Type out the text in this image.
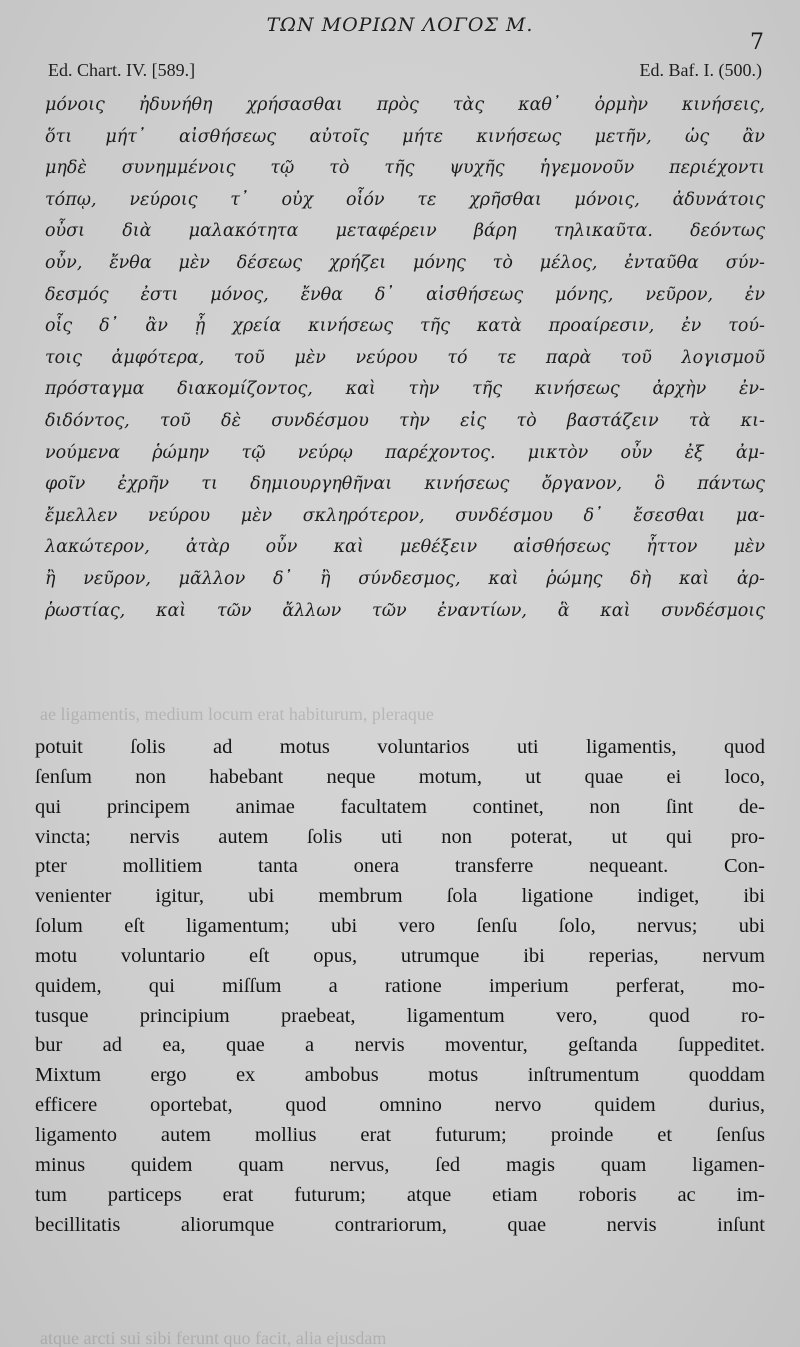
ΤΩΝ ΜΟΡΙΩΝ ΛΟΓΟΣ Μ.
7
Ed. Chart. IV. [589.]	Ed. Baf. I. (500.)
μόνοις ἠδυνήθη χρήσασθαι πρὸς τὰς καθ᾽ ὁρμὴν κινήσεις,
ὅτι μήτ᾽ αἰσθήσεως αὐτοῖς μήτε κινήσεως μετῆν, ὡς ἂν
μηδὲ συνημμένοις τῷ τὸ τῆς ψυχῆς ἡγεμονοῦν περιέχοντι
τόπῳ, νεύροις τ᾽ οὐχ οἷόν τε χρῆσθαι μόνοις, ἀδυνάτοις
οὖσι διὰ μαλακότητα μεταφέρειν βάρη τηλικαῦτα. δεόντως
οὖν, ἔνθα μὲν δέσεως χρήζει μόνης τὸ μέλος, ἐνταῦθα σύν-
δεσμός ἐστι μόνος, ἔνθα δ᾽ αἰσθήσεως μόνης, νεῦρον, ἐν
οἷς δ᾽ ἂν ᾖ χρεία κινήσεως τῆς κατὰ προαίρεσιν, ἐν τού-
τοις ἀμφότερα, τοῦ μὲν νεύρου τό τε παρὰ τοῦ λογισμοῦ
πρόσταγμα διακομίζοντος, καὶ τὴν τῆς κινήσεως ἀρχὴν ἐν-
διδόντος, τοῦ δὲ συνδέσμου τὴν εἰς τὸ βαστάζειν τὰ κι-
νούμενα ῥώμην τῷ νεύρῳ παρέχοντος. μικτὸν οὖν ἐξ ἀμ-
φοῖν ἐχρῆν τι δημιουργηθῆναι κινήσεως ὄργανον, ὃ πάντως
ἔμελλεν νεύρου μὲν σκληρότερον, συνδέσμου δ᾽ ἔσεσθαι μα-
λακώτερον, ἀτὰρ οὖν καὶ μεθέξειν αἰσθήσεως ἧττον μὲν
ἢ νεῦρον, μᾶλλον δ᾽ ἢ σύνδεσμος, καὶ ῥώμης δὴ καὶ ἀρ-
ῥωστίας, καὶ τῶν ἄλλων τῶν ἐναντίων, ἃ καὶ συνδέσμοις
ae ligamentis, medium locum erat habiturum, pleraque
potuit ſolis ad motus voluntarios uti ligamentis, quod
ſenſum non habebant neque motum, ut quae ei loco,
qui principem animae facultatem continet, non ſint de-
vincta; nervis autem ſolis uti non poterat, ut qui pro-
pter	mollitiem	tanta	onera	transferre	nequeant.	Con-
venienter igitur, ubi membrum ſola ligatione indiget, ibi
ſolum eſt ligamentum; ubi vero ſenſu ſolo, nervus; ubi
motu voluntario eſt opus, utrumque ibi reperias, nervum
quidem, qui miſſum a ratione imperium perferat, mo-
tusque	principium	praebeat,	ligamentum	vero,	quod	ro-
bur ad ea, quae a nervis moventur, geſtanda ſuppeditet.
Mixtum ergo ex ambobus motus inſtrumentum quoddam
efficere	oportebat,	quod	omnino	nervo	quidem	durius,
ligamento autem mollius erat futurum; proinde et ſenſus
minus quidem quam nervus, ſed magis quam ligamen-
tum particeps erat futurum; atque etiam roboris ac im-
becillitatis	aliorumque	contrariorum,	quae	nervis	inſunt
atque arcti sui sibi ferunt quo facit, alia ejusdam
